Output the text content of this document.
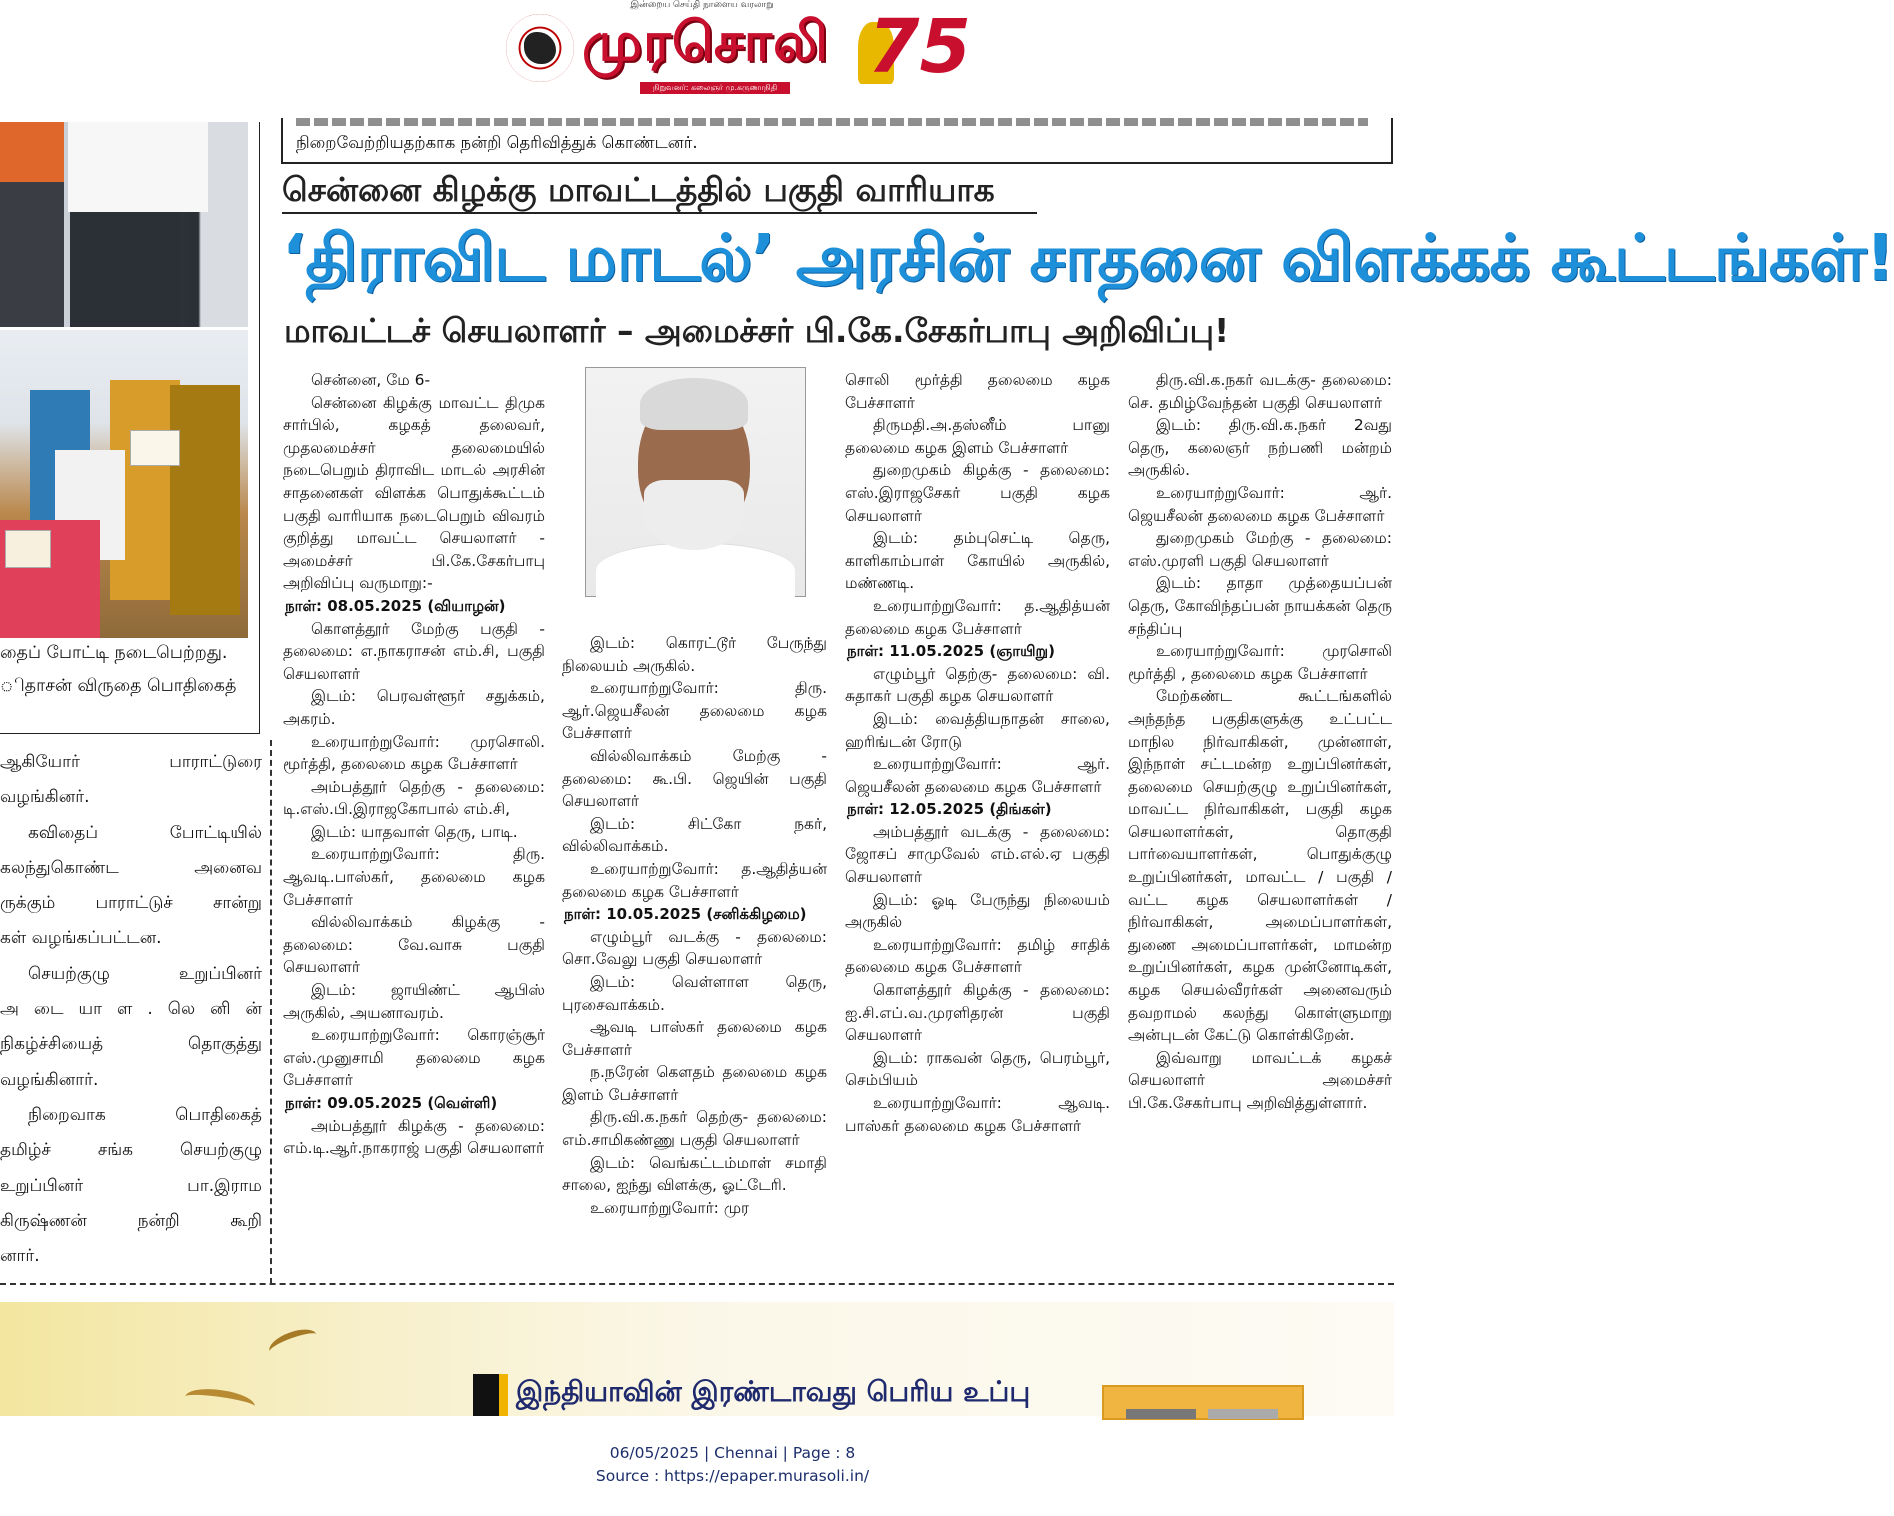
இன்றைய செய்தி நாளைய வரலாறு
முரசொலி
நிறுவனர்: கலைஞர் மு.கருணாநிதி 75
தைப் போட்டி நடைபெற்றது.
ிதாசன் விருதை பொதிகைத்

ஆகியோர் பாராட்டுரை

வழங்கினர்.

கவிதைப் போட்டியில்

கலந்துகொண்ட அனைவ

ருக்கும் பாராட்டுச் சான்று

கள் வழங்கப்பட்டன.

செயற்குழு உறுப்பினர்

அ டை யா ள . லெ னி ன்

நிகழ்ச்சியைத் தொகுத்து

வழங்கினார்.

நிறைவாக பொதிகைத்

தமிழ்ச் சங்க செயற்குழு

உறுப்பினர் பா.இராம

கிருஷ்ணன் நன்றி கூறி

னார்.

நிறைவேற்றியதற்காக நன்றி தெரிவித்துக் கொண்டனர்.
சென்னை கிழக்கு மாவட்டத்தில் பகுதி வாரியாக
‘திராவிட மாடல்’ அரசின் சாதனை விளக்கக் கூட்டங்கள்!
மாவட்டச் செயலாளர் – அமைச்சர் பி.கே.சேகர்பாபு அறிவிப்பு!

சென்னை, மே 6-

சென்னை கிழக்கு மாவட்ட திமுக சார்பில், கழகத் தலைவர், முதலமைச்சர் தலைமையில் நடைபெறும் திராவிட மாடல் அரசின் சாதனைகள் விளக்க பொதுக்கூட்டம் பகுதி வாரியாக நடைபெறும் விவரம் குறித்து மாவட்ட செயலாளர் - அமைச்சர் பி.கே.சேகர்பாபு அறிவிப்பு வருமாறு:-

நாள்: 08.05.2025 (வியாழன்)

கொளத்தூர் மேற்கு பகுதி - தலைமை: எ.நாகராசன் எம்.சி, பகுதி செயலாளர்

இடம்: பெரவள்ளூர் சதுக்கம், அகரம்.

உரையாற்றுவோர்: முரசொலி. மூர்த்தி, தலைமை கழக பேச்சாளர்

அம்பத்தூர் தெற்கு - தலைமை: டி.எஸ்.பி.இராஜகோபால் எம்.சி,

இடம்: யாதவாள் தெரு, பாடி.

உரையாற்றுவோர்: திரு. ஆவடி.பாஸ்கர், தலைமை கழக பேச்சாளர்

வில்லிவாக்கம் கிழக்கு - தலைமை: வே.வாசு பகுதி செயலாளர்

இடம்: ஜாயிண்ட் ஆபிஸ் அருகில், அயனாவரம்.

உரையாற்றுவோர்: கொரஞ்சூர் எஸ்.முனுசாமி தலைமை கழக பேச்சாளர்

நாள்: 09.05.2025 (வெள்ளி)

அம்பத்தூர் கிழக்கு - தலைமை: எம்.டி.ஆர்.நாகராஜ் பகுதி செயலாளர்

இடம்: கொரட்டூர் பேருந்து நிலையம் அருகில்.

உரையாற்றுவோர்: திரு. ஆர்.ஜெயசீலன் தலைமை கழக பேச்சாளர்

வில்லிவாக்கம் மேற்கு - தலைமை: கூ.பி. ஜெயின் பகுதி செயலாளர்

இடம்: சிட்கோ நகர், வில்லிவாக்கம்.

உரையாற்றுவோர்: த.ஆதித்யன் தலைமை கழக பேச்சாளர்

நாள்: 10.05.2025 (சனிக்கிழமை)

எழும்பூர் வடக்கு - தலைமை: சொ.வேலு பகுதி செயலாளர்

இடம்: வெள்ளாள தெரு, புரசைவாக்கம்.

ஆவடி பாஸ்கர் தலைமை கழக பேச்சாளர்

ந.நரேன் கௌதம் தலைமை கழக இளம் பேச்சாளர்

திரு.வி.க.நகர் தெற்கு- தலைமை: எம்.சாமிகண்ணு பகுதி செயலாளர்

இடம்: வெங்கட்டம்மாள் சமாதி சாலை, ஐந்து விளக்கு, ஓட்டேரி.

உரையாற்றுவோர்: முர

சொலி மூர்த்தி தலைமை கழக பேச்சாளர்

திருமதி.அ.தஸ்னீம் பானு தலைமை கழக இளம் பேச்சாளர்

துறைமுகம் கிழக்கு - தலைமை: எஸ்.இராஜசேகர் பகுதி கழக செயலாளர்

இடம்: தம்புசெட்டி தெரு, காளிகாம்பாள் கோயில் அருகில், மண்ணடி.

உரையாற்றுவோர்: த.ஆதித்யன் தலைமை கழக பேச்சாளர்

நாள்: 11.05.2025 (ஞாயிறு)

எழும்பூர் தெற்கு- தலைமை: வி. சுதாகர் பகுதி கழக செயலாளர்

இடம்: வைத்தியநாதன் சாலை, ஹரிங்டன் ரோடு

உரையாற்றுவோர்: ஆர். ஜெயசீலன் தலைமை கழக பேச்சாளர்

நாள்: 12.05.2025 (திங்கள்)

அம்பத்தூர் வடக்கு - தலைமை: ஜோசப் சாமுவேல் எம்.எல்.ஏ பகுதி செயலாளர்

இடம்: ஓடி பேருந்து நிலையம் அருகில்

உரையாற்றுவோர்: தமிழ் சாதிக் தலைமை கழக பேச்சாளர்

கொளத்தூர் கிழக்கு - தலைமை: ஐ.சி.எப்.வ.முரளிதரன் பகுதி செயலாளர்

இடம்: ராகவன் தெரு, பெரம்பூர், செம்பியம்

உரையாற்றுவோர்: ஆவடி. பாஸ்கர் தலைமை கழக பேச்சாளர்

திரு.வி.க.நகர் வடக்கு- தலைமை: செ. தமிழ்வேந்தன் பகுதி செயலாளர்

இடம்: திரு.வி.க.நகர் 2வது தெரு, கலைஞர் நற்பணி மன்றம் அருகில்.

உரையாற்றுவோர்: ஆர். ஜெயசீலன் தலைமை கழக பேச்சாளர்

துறைமுகம் மேற்கு - தலைமை: எஸ்.முரளி பகுதி செயலாளர்

இடம்: தாதா முத்தையப்பன் தெரு, கோவிந்தப்பன் நாயக்கன் தெரு சந்திப்பு

உரையாற்றுவோர்: முரசொலி மூர்த்தி , தலைமை கழக பேச்சாளர்

மேற்கண்ட கூட்டங்களில் அந்தந்த பகுதிகளுக்கு உட்பட்ட மாநில நிர்வாகிகள், முன்னாள், இந்நாள் சட்டமன்ற உறுப்பினர்கள், தலைமை செயற்குழு உறுப்பினர்கள், மாவட்ட நிர்வாகிகள், பகுதி கழக செயலாளர்கள், தொகுதி பார்வையாளர்கள், பொதுக்குழு உறுப்பினர்கள், மாவட்ட / பகுதி / வட்ட கழக செயலாளர்கள் / நிர்வாகிகள், அமைப்பாளர்கள், துணை அமைப்பாளர்கள், மாமன்ற உறுப்பினர்கள், கழக முன்னோடிகள், கழக செயல்வீரர்கள் அனைவரும் தவறாமல் கலந்து கொள்ளுமாறு அன்புடன் கேட்டு கொள்கிறேன்.

இவ்வாறு மாவட்டக் கழகச் செயலாளர் அமைச்சர் பி.கே.சேகர்பாபு அறிவித்துள்ளார்.

இந்தியாவின் இரண்டாவது பெரிய உப்பு
06/05/2025 | Chennai | Page : 8
Source : https://epaper.murasoli.in/
